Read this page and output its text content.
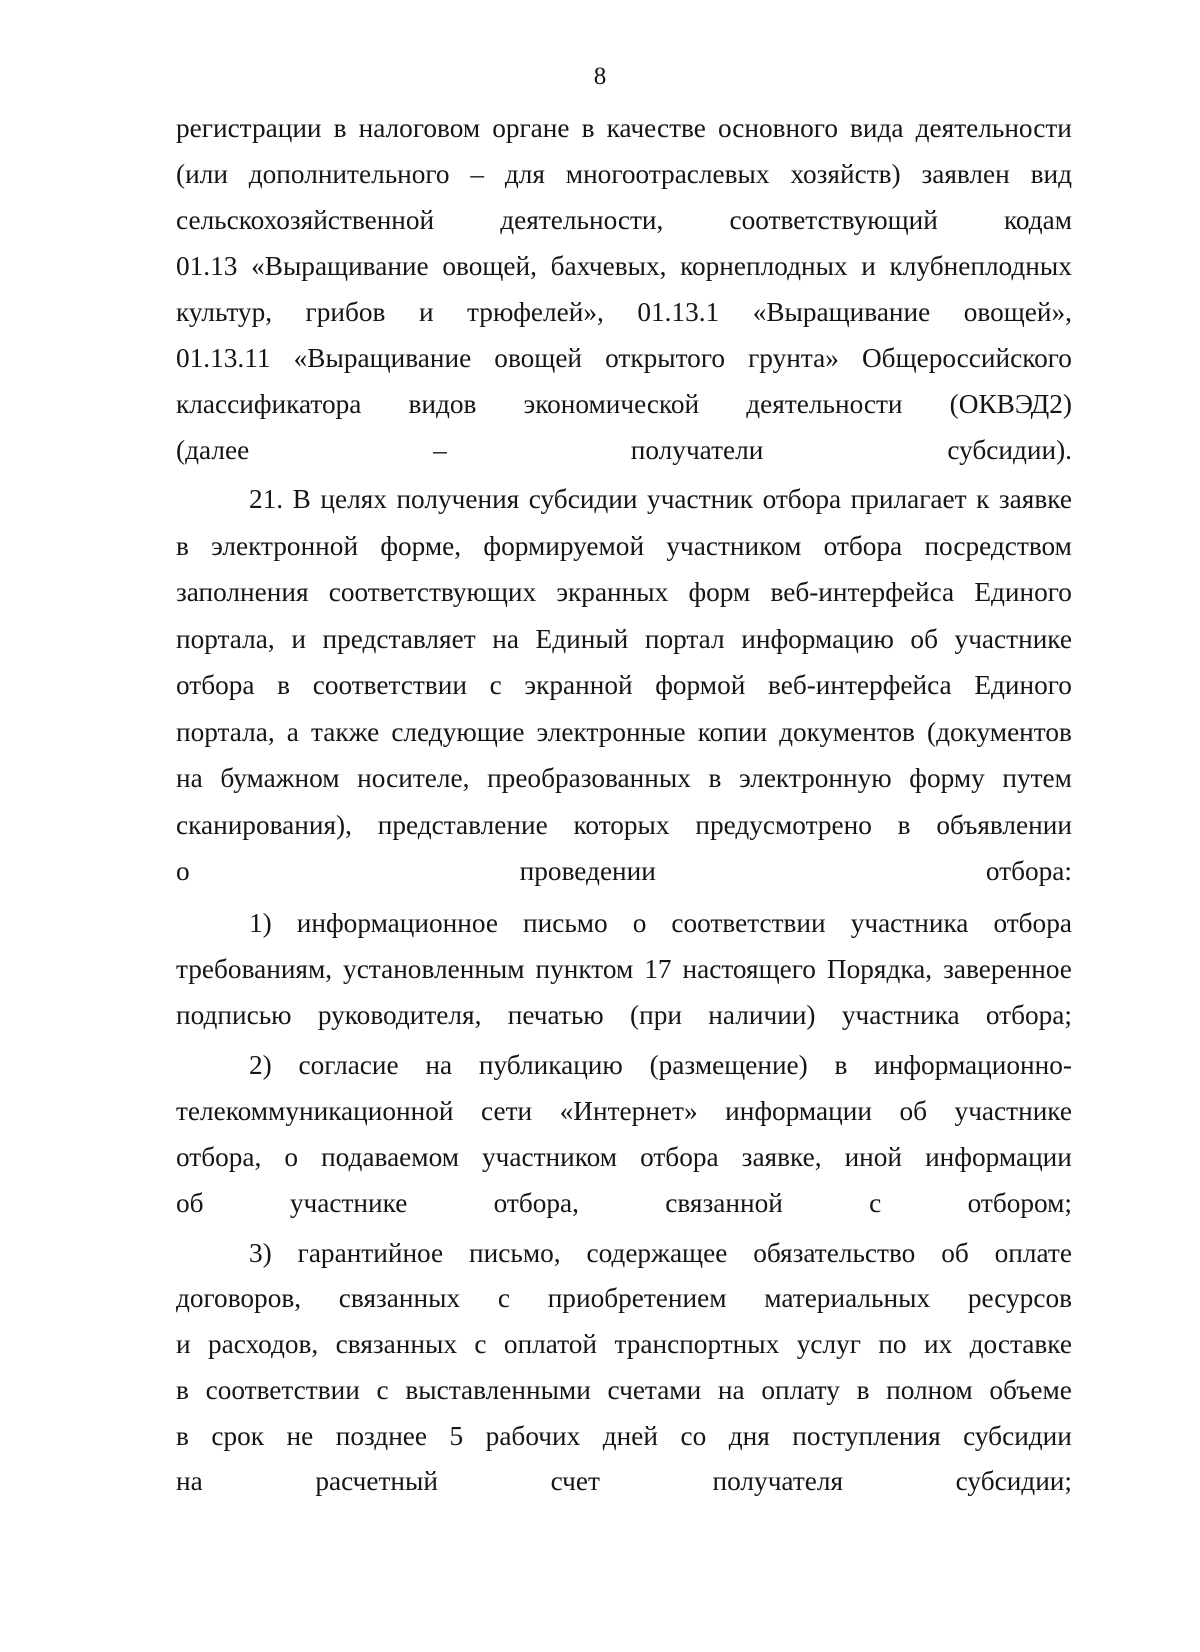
8
регистрации в налоговом органе в качестве основного вида деятельности
(или дополнительного – для многоотраслевых хозяйств) заявлен вид
сельскохозяйственной деятельности, соответствующий кодам
01.13 «Выращивание овощей, бахчевых, корнеплодных и клубнеплодных
культур, грибов и трюфелей», 01.13.1 «Выращивание овощей»,
01.13.11 «Выращивание овощей открытого грунта» Общероссийского
классификатора видов экономической деятельности (ОКВЭД2)
(далее – получатели субсидии).
21. В целях получения субсидии участник отбора прилагает к заявке
в электронной форме, формируемой участником отбора посредством
заполнения соответствующих экранных форм веб-интерфейса Единого
портала, и представляет на Единый портал информацию об участнике
отбора в соответствии с экранной формой веб-интерфейса Единого
портала, а также следующие электронные копии документов (документов
на бумажном носителе, преобразованных в электронную форму путем
сканирования), представление которых предусмотрено в объявлении
о проведении отбора:
1) информационное письмо о соответствии участника отбора
требованиям, установленным пунктом 17 настоящего Порядка, заверенное
подписью руководителя, печатью (при наличии) участника отбора;
2) согласие на публикацию (размещение) в информационно-
телекоммуникационной сети «Интернет» информации об участнике
отбора, о подаваемом участником отбора заявке, иной информации
об участнике отбора, связанной с отбором;
3) гарантийное письмо, содержащее обязательство об оплате
договоров, связанных с приобретением материальных ресурсов
и расходов, связанных с оплатой транспортных услуг по их доставке
в соответствии с выставленными счетами на оплату в полном объеме
в срок не позднее 5 рабочих дней со дня поступления субсидии
на расчетный счет получателя субсидии;
